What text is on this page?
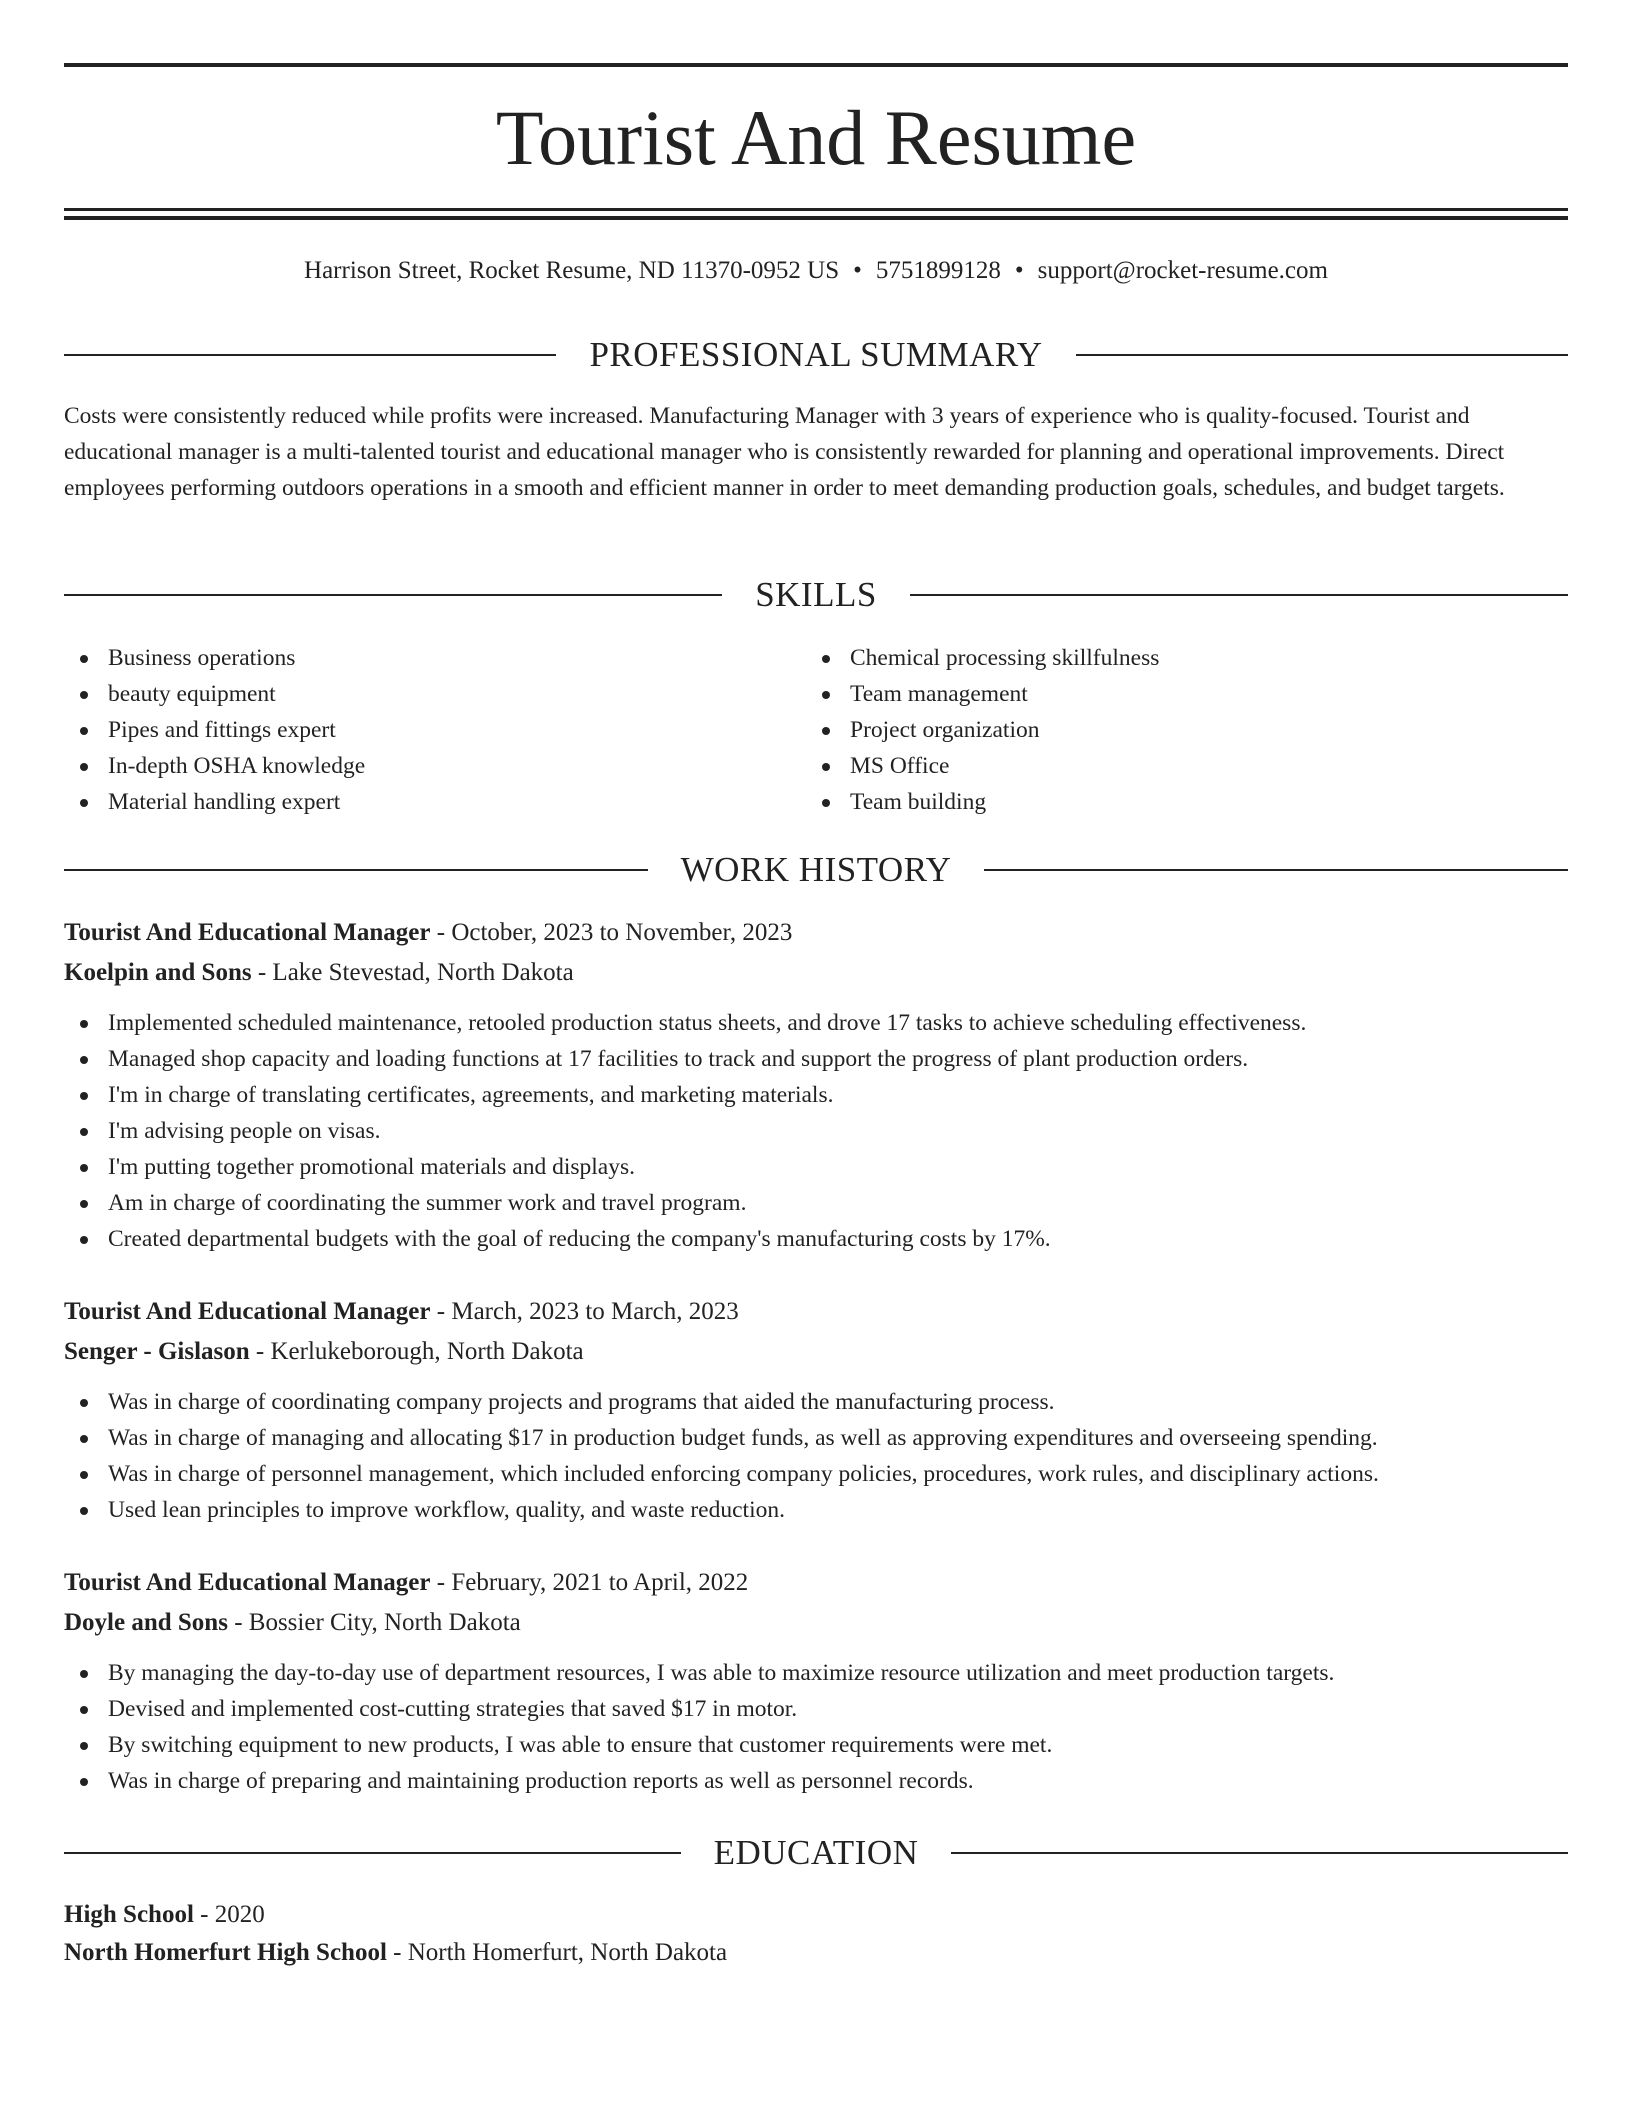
Tourist And Resume
Harrison Street, Rocket Resume, ND 11370-0952 US • 5751899128 • support@rocket-resume.com
PROFESSIONAL SUMMARY

Costs were consistently reduced while profits were increased. Manufacturing Manager with 3 years of experience who is quality-focused. Tourist and educational manager is a multi-talented tourist and educational manager who is consistently rewarded for planning and operational improvements. Direct employees performing outdoors operations in a smooth and efficient manner in order to meet demanding production goals, schedules, and budget targets.

SKILLS
Business operations
beauty equipment
Pipes and fittings expert
In-depth OSHA knowledge
Material handling expert
Chemical processing skillfulness
Team management
Project organization
MS Office
Team building
WORK HISTORY
Tourist And Educational Manager - October, 2023 to November, 2023
Koelpin and Sons - Lake Stevestad, North Dakota
Implemented scheduled maintenance, retooled production status sheets, and drove 17 tasks to achieve scheduling effectiveness.
Managed shop capacity and loading functions at 17 facilities to track and support the progress of plant production orders.
I'm in charge of translating certificates, agreements, and marketing materials.
I'm advising people on visas.
I'm putting together promotional materials and displays.
Am in charge of coordinating the summer work and travel program.
Created departmental budgets with the goal of reducing the company's manufacturing costs by 17%.
Tourist And Educational Manager - March, 2023 to March, 2023
Senger - Gislason - Kerlukeborough, North Dakota
Was in charge of coordinating company projects and programs that aided the manufacturing process.
Was in charge of managing and allocating $17 in production budget funds, as well as approving expenditures and overseeing spending.
Was in charge of personnel management, which included enforcing company policies, procedures, work rules, and disciplinary actions.
Used lean principles to improve workflow, quality, and waste reduction.
Tourist And Educational Manager - February, 2021 to April, 2022
Doyle and Sons - Bossier City, North Dakota
By managing the day-to-day use of department resources, I was able to maximize resource utilization and meet production targets.
Devised and implemented cost-cutting strategies that saved $17 in motor.
By switching equipment to new products, I was able to ensure that customer requirements were met.
Was in charge of preparing and maintaining production reports as well as personnel records.
EDUCATION
High School - 2020
North Homerfurt High School - North Homerfurt, North Dakota
